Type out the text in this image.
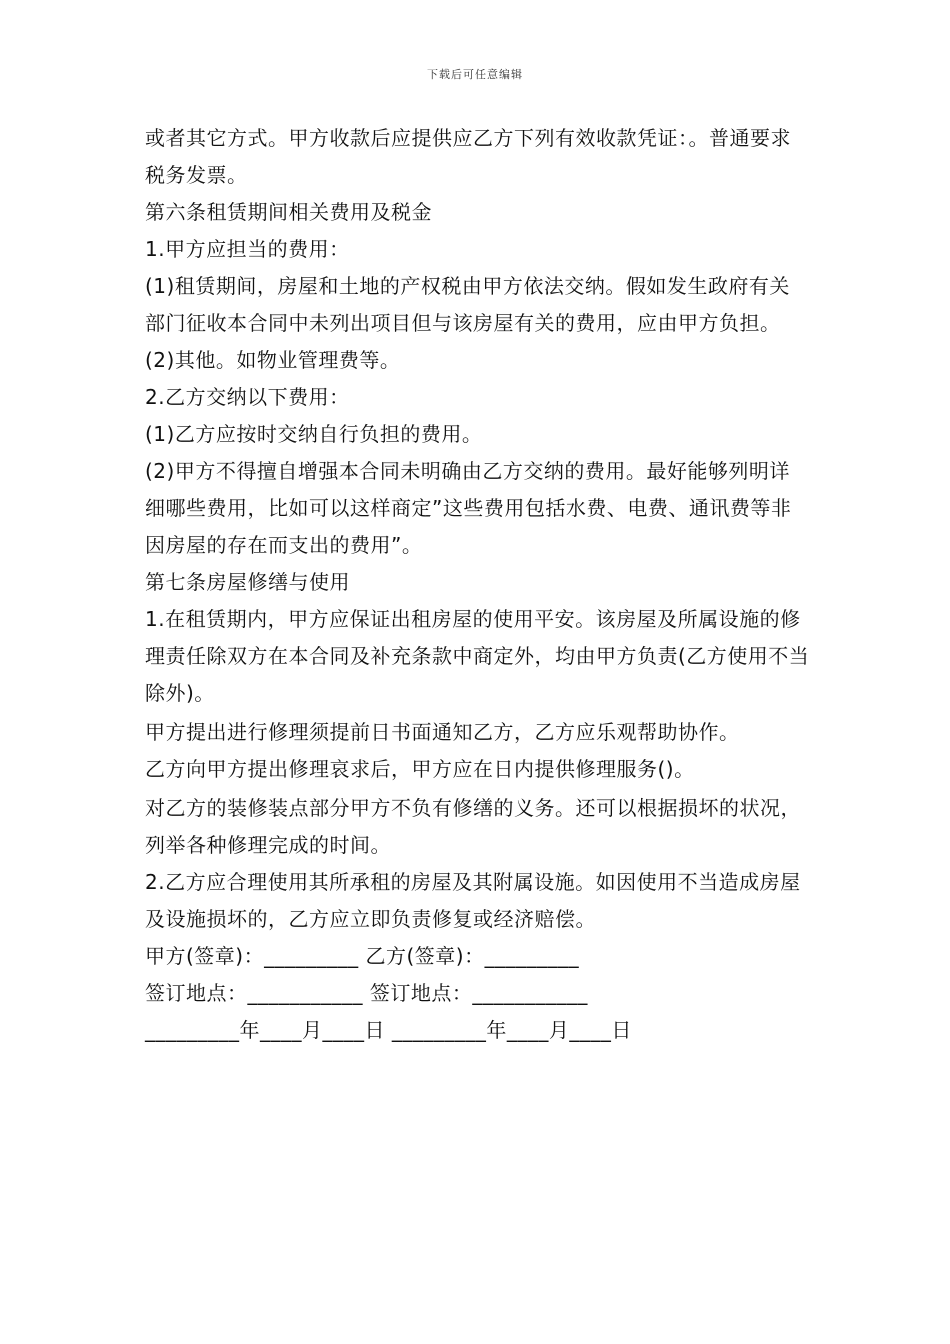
下载后可任意编辑

或者其它方式。甲方收款后应提供应乙方下列有效收款凭证：。普通要求税务发票。

第六条租赁期间相关费用及税金

1.甲方应担当的费用：

(1)租赁期间，房屋和土地的产权税由甲方依法交纳。假如发生政府有关部门征收本合同中未列出项目但与该房屋有关的费用，应由甲方负担。

(2)其他。如物业管理费等。

2.乙方交纳以下费用：

(1)乙方应按时交纳自行负担的费用。

(2)甲方不得擅自增强本合同未明确由乙方交纳的费用。最好能够列明详细哪些费用，比如可以这样商定”这些费用包括水费、电费、通讯费等非因房屋的存在而支出的费用”。

第七条房屋修缮与使用

1.在租赁期内，甲方应保证出租房屋的使用平安。该房屋及所属设施的修理责任除双方在本合同及补充条款中商定外，均由甲方负责(乙方使用不当除外)。

甲方提出进行修理须提前日书面通知乙方，乙方应乐观帮助协作。

乙方向甲方提出修理哀求后，甲方应在日内提供修理服务()。

对乙方的装修装点部分甲方不负有修缮的义务。还可以根据损坏的状况，列举各种修理完成的时间。

2.乙方应合理使用其所承租的房屋及其附属设施。如因使用不当造成房屋及设施损坏的，乙方应立即负责修复或经济赔偿。

甲方(签章)：_________ 乙方(签章)：_________

签订地点：___________ 签订地点：___________

_________年____月____日 _________年____月____日
